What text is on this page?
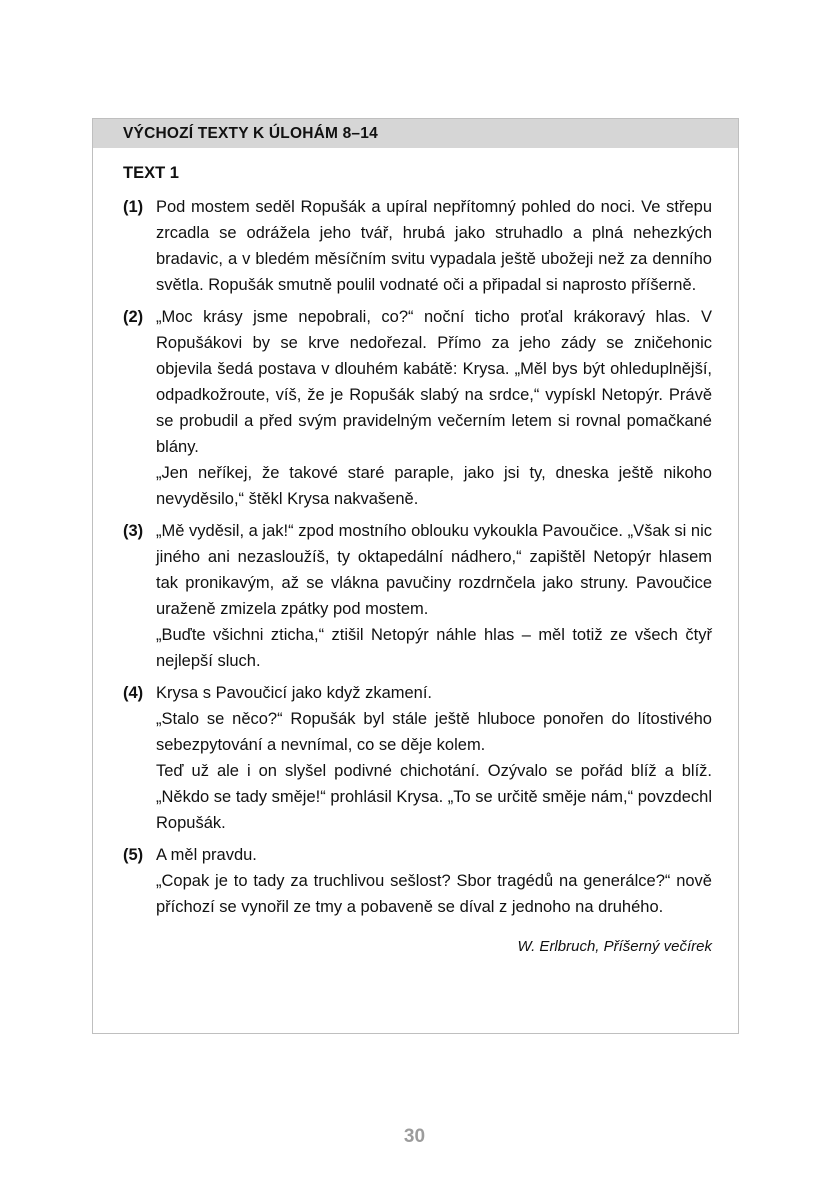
VÝCHOZÍ TEXTY K ÚLOHÁM 8–14
TEXT 1
(1) Pod mostem seděl Ropušák a upíral nepřítomný pohled do noci. Ve střepu zrcadla se odrážela jeho tvář, hrubá jako struhadlo a plná nehezkých bradavic, a v bledém měsíčním svitu vypadala ještě ubožeji než za denního světla. Ropušák smutně poulil vodnaté oči a připadal si naprosto příšerně.
(2) „Moc krásy jsme nepobrali, co?“ noční ticho proťal krákoravý hlas. V Ropušákovi by se krve nedořezal. Přímo za jeho zády se zničehonic objevila šedá postava v dlouhém kabátě: Krysa. „Měl bys být ohleduplnější, odpadkožroute, víš, že je Ropušák slabý na srdce,“ vypískl Netopýr. Právě se probudil a před svým pravidelným večerním letem si rovnal pomačkané blány.
„Jen neříkej, že takové staré paraple, jako jsi ty, dneska ještě nikoho nevyděsilo,“ štěkl Krysa nakvašeně.
(3) „Mě vyděsil, a jak!“ zpod mostního oblouku vykoukla Pavoučice. „Však si nic jiného ani nezasloužíš, ty oktapedální nádhero,“ zapištěl Netopýr hlasem tak pronikavým, až se vlákna pavučiny rozdrnčela jako struny. Pavoučice uraženě zmizela zpátky pod mostem.
„Buďte všichni zticha,“ ztišil Netopýr náhle hlas – měl totiž ze všech čtyř nejlepší sluch.
(4) Krysa s Pavoučicí jako když zkamení.
„Stalo se něco?“ Ropušák byl stále ještě hluboce ponořen do lítostivého sebezpytování a nevnímal, co se děje kolem.
Teď už ale i on slyšel podivné chichotání. Ozývalo se pořád blíž a blíž. „Někdo se tady směje!“ prohlásil Krysa. „To se určitě směje nám,“ povzdechl Ropušák.
(5) A měl pravdu.
„Copak je to tady za truchlivou sešlost? Sbor tragédů na generálce?“ nově příchozí se vynořil ze tmy a pobaveně se díval z jednoho na druhého.
W. Erlbruch, Příšerný večírek
30
